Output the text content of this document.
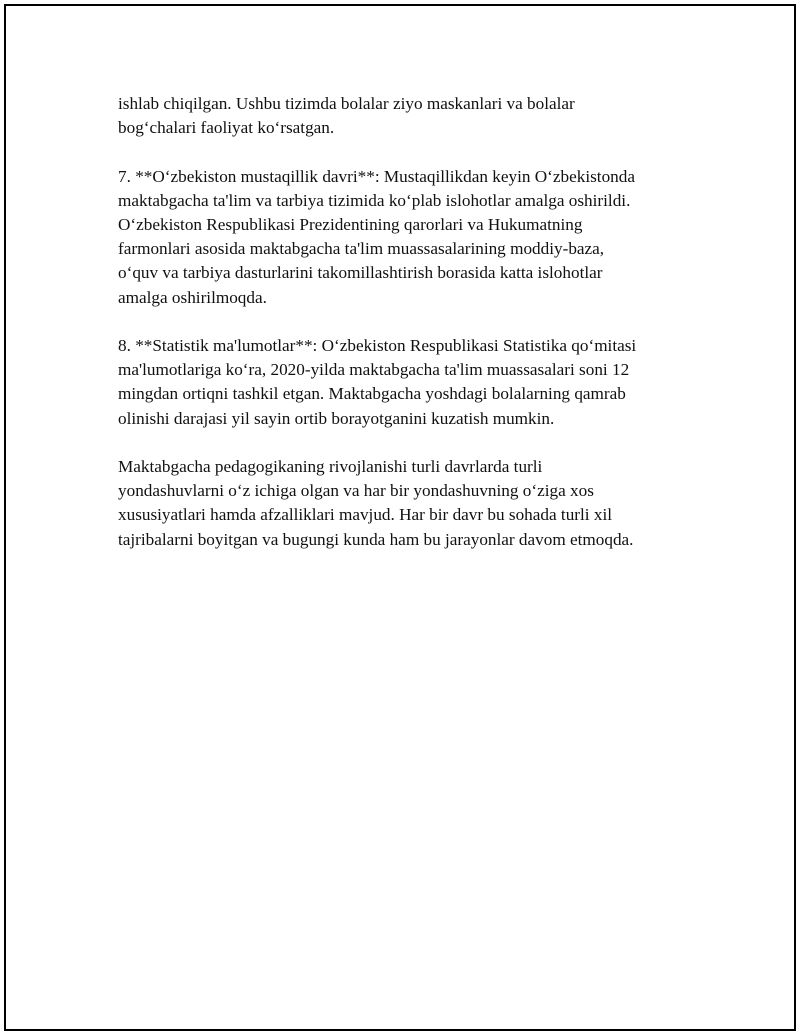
ishlab chiqilgan. Ushbu tizimda bolalar ziyo maskanlari va bolalar
bog‘chalari faoliyat ko‘rsatgan.

7. **O‘zbekiston mustaqillik davri**: Mustaqillikdan keyin O‘zbekistonda
maktabgacha ta'lim va tarbiya tizimida ko‘plab islohotlar amalga oshirildi.
O‘zbekiston Respublikasi Prezidentining qarorlari va Hukumatning
farmonlari asosida maktabgacha ta'lim muassasalarining moddiy-baza,
o‘quv va tarbiya dasturlarini takomillashtirish borasida katta islohotlar
amalga oshirilmoqda.

8. **Statistik ma'lumotlar**: O‘zbekiston Respublikasi Statistika qo‘mitasi
ma'lumotlariga ko‘ra, 2020-yilda maktabgacha ta'lim muassasalari soni 12
mingdan ortiqni tashkil etgan. Maktabgacha yoshdagi bolalarning qamrab
olinishi darajasi yil sayin ortib borayotganini kuzatish mumkin.

Maktabgacha pedagogikaning rivojlanishi turli davrlarda turli
yondashuvlarni o‘z ichiga olgan va har bir yondashuvning o‘ziga xos
xususiyatlari hamda afzalliklari mavjud. Har bir davr bu sohada turli xil
tajribalarni boyitgan va bugungi kunda ham bu jarayonlar davom etmoqda.
